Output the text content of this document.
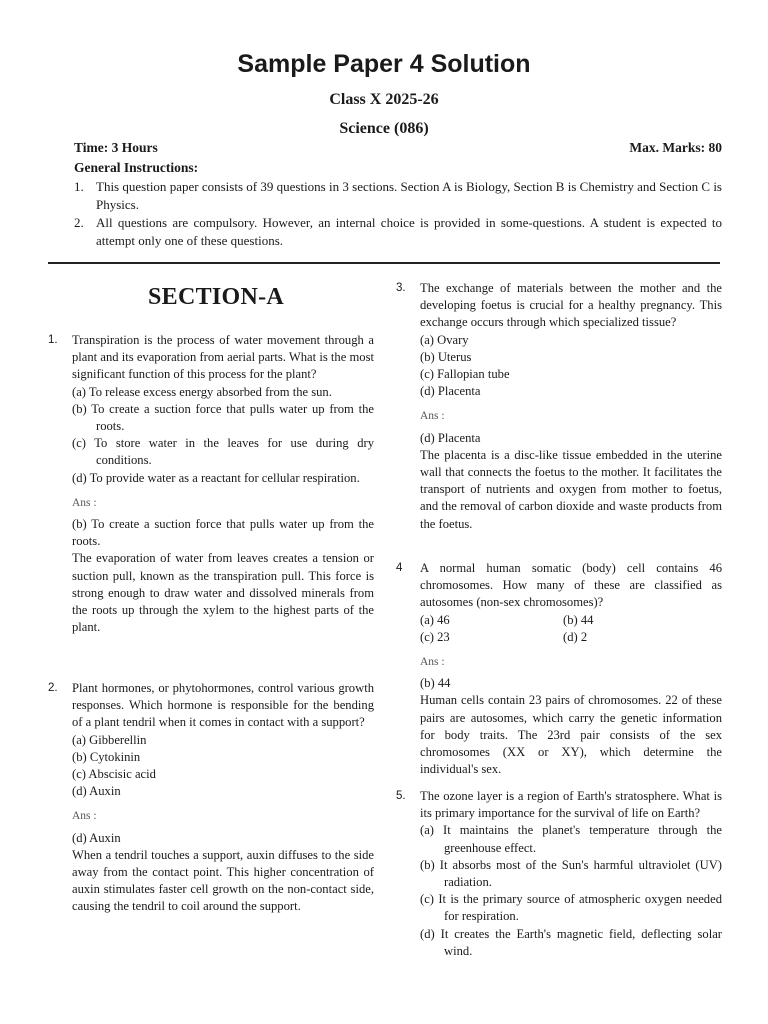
Sample Paper 4 Solution
Class X 2025-26
Science (086)
Time: 3 Hours	Max. Marks: 80
General Instructions:
1. This question paper consists of 39 questions in 3 sections. Section A is Biology, Section B is Chemistry and Section C is Physics.
2. All questions are compulsory. However, an internal choice is provided in some-questions. A student is expected to attempt only one of these questions.
SECTION-A
1. Transpiration is the process of water movement through a plant and its evaporation from aerial parts. What is the most significant function of this process for the plant?

(a) To release excess energy absorbed from the sun.

(b) To create a suction force that pulls water up from the roots.

(c) To store water in the leaves for use during dry conditions.

(d) To provide water as a reactant for cellular respiration.

Ans :

(b) To create a suction force that pulls water up from the roots.

The evaporation of water from leaves creates a tension or suction pull, known as the transpiration pull. This force is strong enough to draw water and dissolved minerals from the roots up through the xylem to the highest parts of the plant.

2. Plant hormones, or phytohormones, control various growth responses. Which hormone is responsible for the bending of a plant tendril when it comes in contact with a support?

(a) Gibberellin

(b) Cytokinin

(c) Abscisic acid

(d) Auxin

Ans :

(d) Auxin

When a tendril touches a support, auxin diffuses to the side away from the contact point. This higher concentration of auxin stimulates faster cell growth on the non-contact side, causing the tendril to coil around the support.

3. The exchange of materials between the mother and the developing foetus is crucial for a healthy pregnancy. This exchange occurs through which specialized tissue?

(a) Ovary

(b) Uterus

(c) Fallopian tube

(d) Placenta

Ans :

(d) Placenta

The placenta is a disc-like tissue embedded in the uterine wall that connects the foetus to the mother. It facilitates the transport of nutrients and oxygen from mother to foetus, and the removal of carbon dioxide and waste products from the foetus.

4 A normal human somatic (body) cell contains 46 chromosomes. How many of these are classified as autosomes (non-sex chromosomes)?

(a) 46	(b) 44

(c) 23	(d) 2

Ans :

(b) 44

Human cells contain 23 pairs of chromosomes. 22 of these pairs are autosomes, which carry the genetic information for body traits. The 23rd pair consists of the sex chromosomes (XX or XY), which determine the individual's sex.

5. The ozone layer is a region of Earth's stratosphere. What is its primary importance for the survival of life on Earth?

(a) It maintains the planet's temperature through the greenhouse effect.

(b) It absorbs most of the Sun's harmful ultraviolet (UV) radiation.

(c) It is the primary source of atmospheric oxygen needed for respiration.

(d) It creates the Earth's magnetic field, deflecting solar wind.
